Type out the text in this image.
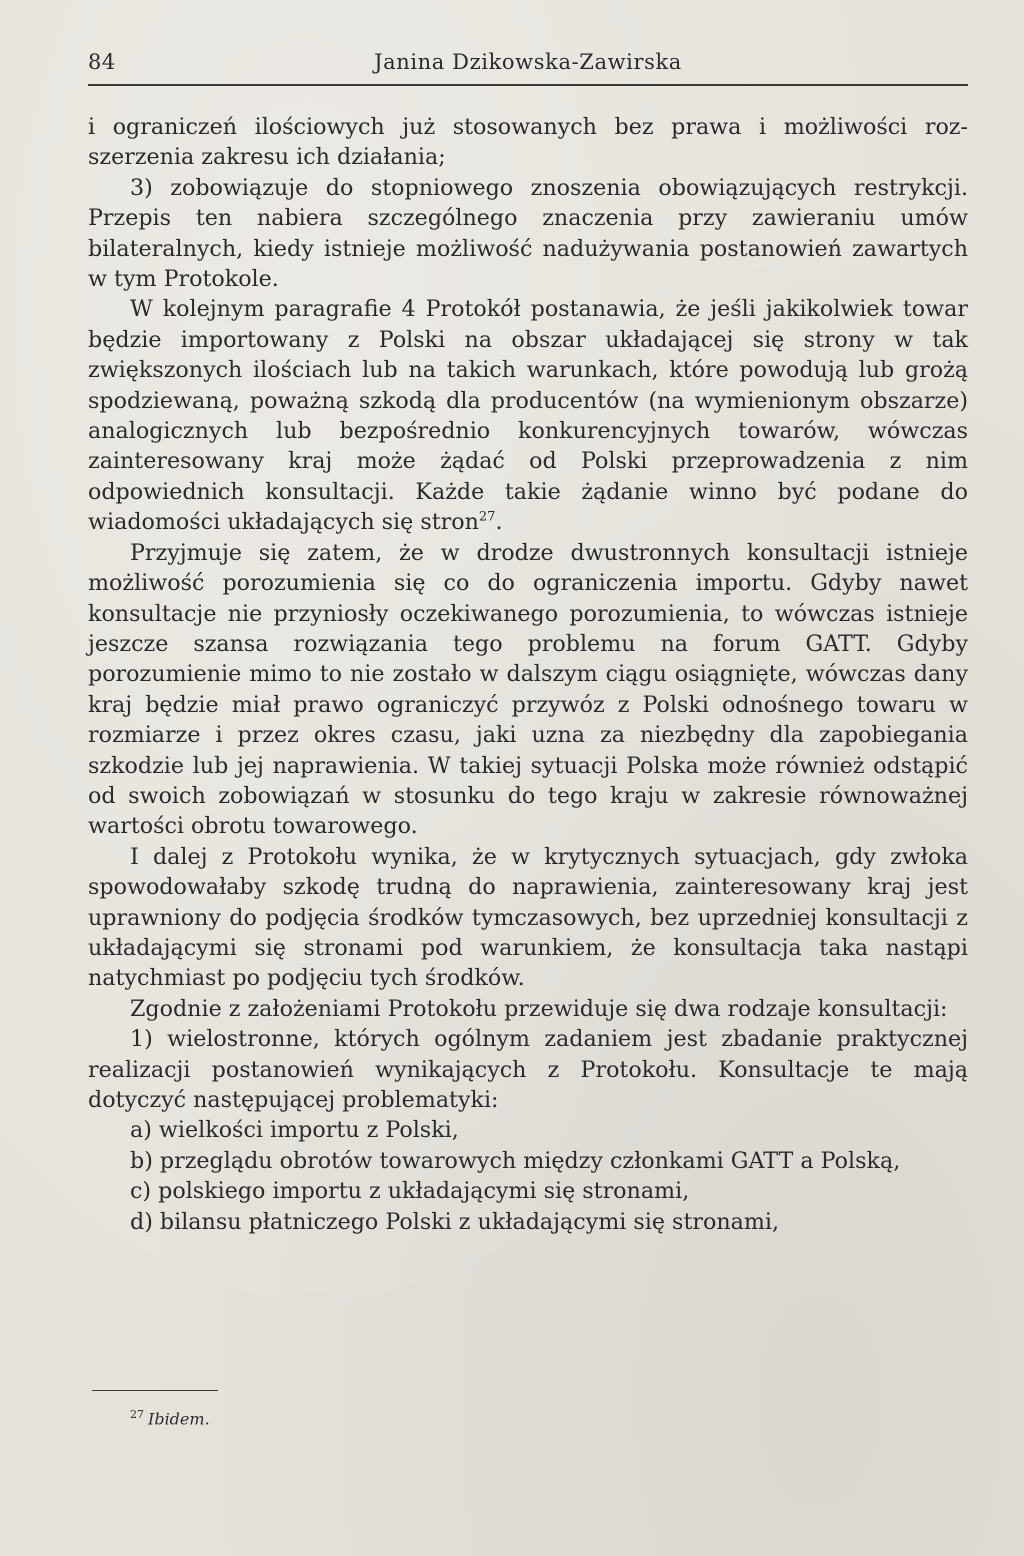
84	Janina Dzikowska-Zawirska

i ograniczeń ilościowych już stosowanych bez prawa i możliwości rozszerzenia zakresu ich działania;

3) zobowiązuje do stopniowego znoszenia obowiązujących restrykcji. Przepis ten nabiera szczególnego znaczenia przy zawieraniu umów bilateralnych, kiedy istnieje możliwość nadużywania postanowień zawartych w tym Protokole.

W kolejnym paragrafie 4 Protokół postanawia, że jeśli jakikolwiek towar będzie importowany z Polski na obszar układającej się strony w tak zwiększonych ilościach lub na takich warunkach, które powodują lub grożą spodziewaną, poważną szkodą dla producentów (na wymienionym obszarze) analogicznych lub bezpośrednio konkurencyjnych towarów, wówczas zainteresowany kraj może żądać od Polski przeprowadzenia z nim odpowiednich konsultacji. Każde takie żądanie winno być podane do wiadomości układających się stron$^{27}$.

Przyjmuje się zatem, że w drodze dwustronnych konsultacji istnieje możliwość porozumienia się co do ograniczenia importu. Gdyby nawet konsultacje nie przyniosły oczekiwanego porozumienia, to wówczas istnieje jeszcze szansa rozwiązania tego problemu na forum GATT. Gdyby porozumienie mimo to nie zostało w dalszym ciągu osiągnięte, wówczas dany kraj będzie miał prawo ograniczyć przywóz z Polski odnośnego towaru w rozmiarze i przez okres czasu, jaki uzna za niezbędny dla zapobiegania szkodzie lub jej naprawienia. W takiej sytuacji Polska może również odstąpić od swoich zobowiązań w stosunku do tego kraju w zakresie równoważnej wartości obrotu towarowego.

I dalej z Protokołu wynika, że w krytycznych sytuacjach, gdy zwłoka spowodowałaby szkodę trudną do naprawienia, zainteresowany kraj jest uprawniony do podjęcia środków tymczasowych, bez uprzedniej konsultacji z układającymi się stronami pod warunkiem, że konsultacja taka nastąpi natychmiast po podjęciu tych środków.

Zgodnie z założeniami Protokołu przewiduje się dwa rodzaje konsultacji:

1) wielostronne, których ogólnym zadaniem jest zbadanie praktycznej realizacji postanowień wynikających z Protokołu. Konsultacje te mają dotyczyć następującej problematyki:

a) wielkości importu z Polski,

b) przeglądu obrotów towarowych między członkami GATT a Polską,

c) polskiego importu z układającymi się stronami,

d) bilansu płatniczego Polski z układającymi się stronami,

$^{27}$ Ibidem.
